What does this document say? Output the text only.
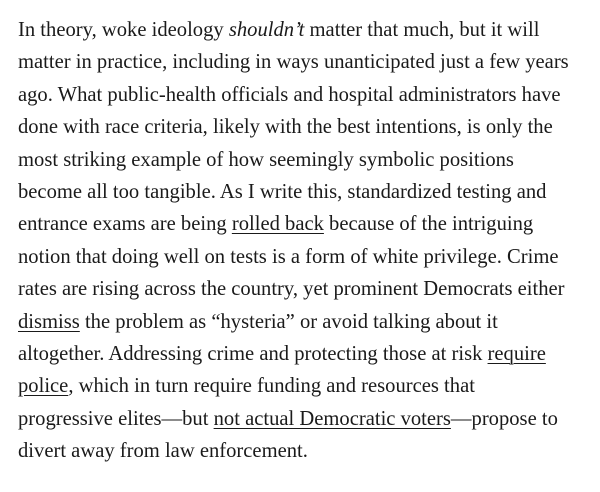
In theory, woke ideology shouldn’t matter that much, but it will
matter in practice, including in ways unanticipated just a few years
ago. What public-health officials and hospital administrators have
done with race criteria, likely with the best intentions, is only the
most striking example of how seemingly symbolic positions
become all too tangible. As I write this, standardized testing and
entrance exams are being rolled back because of the intriguing
notion that doing well on tests is a form of white privilege. Crime
rates are rising across the country, yet prominent Democrats either
dismiss the problem as “hysteria” or avoid talking about it
altogether. Addressing crime and protecting those at risk require
police, which in turn require funding and resources that
progressive elites—but not actual Democratic voters—propose to
divert away from law enforcement.
